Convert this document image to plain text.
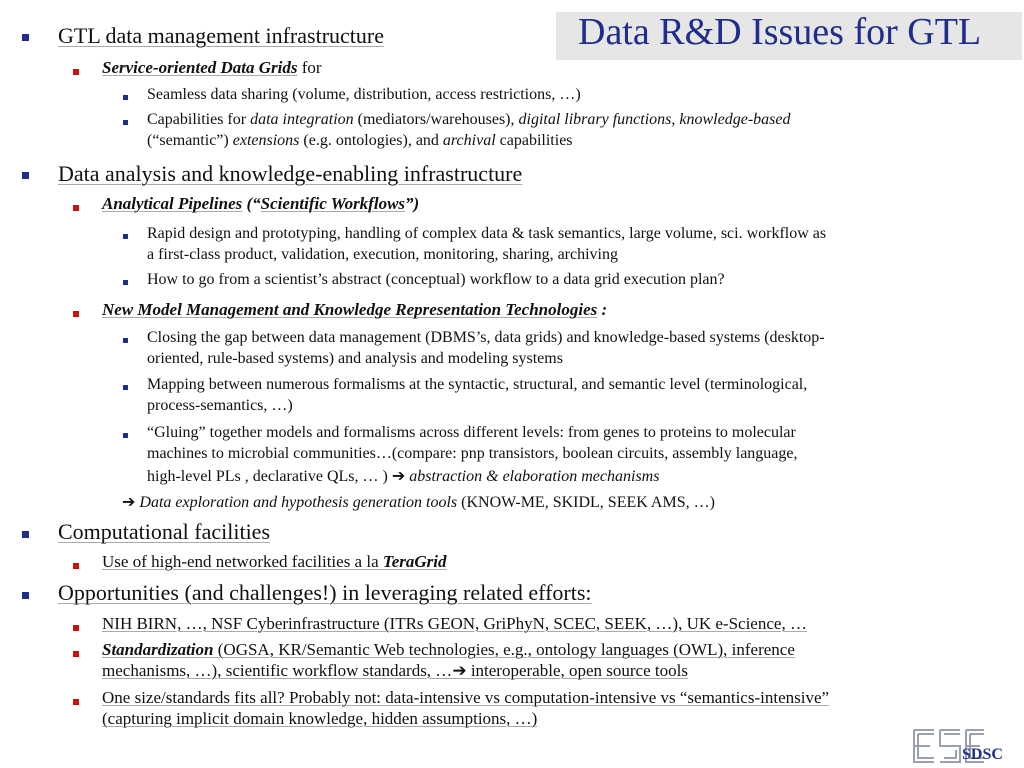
Data R&D Issues for GTL
GTL data management infrastructure
Service-oriented Data Grids for
Seamless data sharing (volume, distribution, access restrictions, …)
Capabilities for data integration (mediators/warehouses), digital library functions, knowledge-based
(“semantic”) extensions (e.g. ontologies), and archival capabilities
Data analysis and knowledge-enabling infrastructure
Analytical Pipelines (“Scientific Workflows”)
Rapid design and prototyping, handling of complex data & task semantics, large volume, sci. workflow as
a first-class product, validation, execution, monitoring, sharing, archiving
How to go from a scientist’s abstract (conceptual) workflow to a data grid execution plan?
New Model Management and Knowledge Representation Technologies :
Closing the gap between data management (DBMS’s, data grids) and knowledge-based systems (desktop-
oriented, rule-based systems) and analysis and modeling systems
Mapping between numerous formalisms at the syntactic, structural, and semantic level (terminological,
process-semantics, …)
“Gluing” together models and formalisms across different levels: from genes to proteins to molecular
machines to microbial communities…(compare: pnp transistors, boolean circuits, assembly language,
high-level PLs , declarative QLs, … ) ➔ abstraction & elaboration mechanisms
➔ Data exploration and hypothesis generation tools (KNOW-ME, SKIDL, SEEK AMS, …)
Computational facilities
Use of high-end networked facilities a la TeraGrid
Opportunities (and challenges!) in leveraging related efforts:
NIH BIRN, …, NSF Cyberinfrastructure (ITRs GEON, GriPhyN, SCEC, SEEK, …), UK e-Science, …
Standardization (OGSA, KR/Semantic Web technologies, e.g., ontology languages (OWL), inference
mechanisms, …), scientific workflow standards, …➔ interoperable, open source tools
One size/standards fits all? Probably not: data-intensive vs computation-intensive vs “semantics-intensive”
(capturing implicit domain knowledge, hidden assumptions, …)
SDSC
